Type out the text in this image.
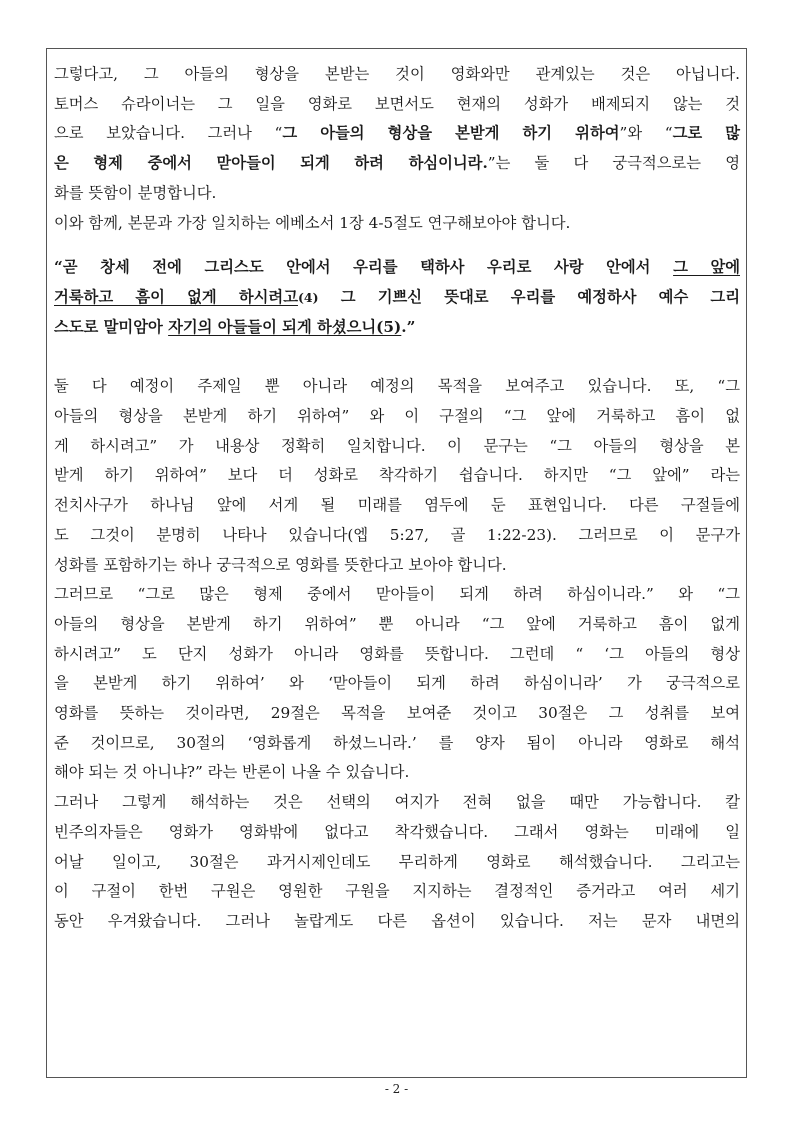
그렇다고, 그 아들의 형상을 본받는 것이 영화와만 관계있는 것은 아닙니다.
토머스 슈라이너는 그 일을 영화로 보면서도 현재의 성화가 배제되지 않는 것
으로 보았습니다. 그러나 “그 아들의 형상을 본받게 하기 위하여”와 “그로 많
은 형제 중에서 맏아들이 되게 하려 하심이니라.”는 둘 다 궁극적으로는 영
화를 뜻함이 분명합니다.
이와 함께, 본문과 가장 일치하는 에베소서 1장 4-5절도 연구해보아야 합니다.
“곧 창세 전에 그리스도 안에서 우리를 택하사 우리로 사랑 안에서 그 앞에
거룩하고 흠이 없게 하시려고(4) 그 기쁘신 뜻대로 우리를 예정하사 예수 그리
스도로 말미암아 자기의 아들들이 되게 하셨으니(5).”
둘 다 예정이 주제일 뿐 아니라 예정의 목적을 보여주고 있습니다. 또, “그
아들의 형상을 본받게 하기 위하여” 와 이 구절의 “그 앞에 거룩하고 흠이 없
게 하시려고” 가 내용상 정확히 일치합니다. 이 문구는 “그 아들의 형상을 본
받게 하기 위하여” 보다 더 성화로 착각하기 쉽습니다. 하지만 “그 앞에” 라는
전치사구가 하나님 앞에 서게 될 미래를 염두에 둔 표현입니다. 다른 구절들에
도 그것이 분명히 나타나 있습니다(엡 5:27, 골 1:22-23). 그러므로 이 문구가
성화를 포함하기는 하나 궁극적으로 영화를 뜻한다고 보아야 합니다.
그러므로 “그로 많은 형제 중에서 맏아들이 되게 하려 하심이니라.” 와 “그
아들의 형상을 본받게 하기 위하여” 뿐 아니라 “그 앞에 거룩하고 흠이 없게
하시려고” 도 단지 성화가 아니라 영화를 뜻합니다. 그런데 “ ‘그 아들의 형상
을 본받게 하기 위하여’ 와 ‘맏아들이 되게 하려 하심이니라’ 가 궁극적으로
영화를 뜻하는 것이라면, 29절은 목적을 보여준 것이고 30절은 그 성취를 보여
준 것이므로, 30절의 ‘영화롭게 하셨느니라.’ 를 양자 됨이 아니라 영화로 해석
해야 되는 것 아니냐?” 라는 반론이 나올 수 있습니다.
그러나 그렇게 해석하는 것은 선택의 여지가 전혀 없을 때만 가능합니다. 칼
빈주의자들은 영화가 영화밖에 없다고 착각했습니다. 그래서 영화는 미래에 일
어날 일이고, 30절은 과거시제인데도 무리하게 영화로 해석했습니다. 그리고는
이 구절이 한번 구원은 영원한 구원을 지지하는 결정적인 증거라고 여러 세기
동안 우겨왔습니다. 그러나 놀랍게도 다른 옵션이 있습니다. 저는 문자 내면의
- 2 -
